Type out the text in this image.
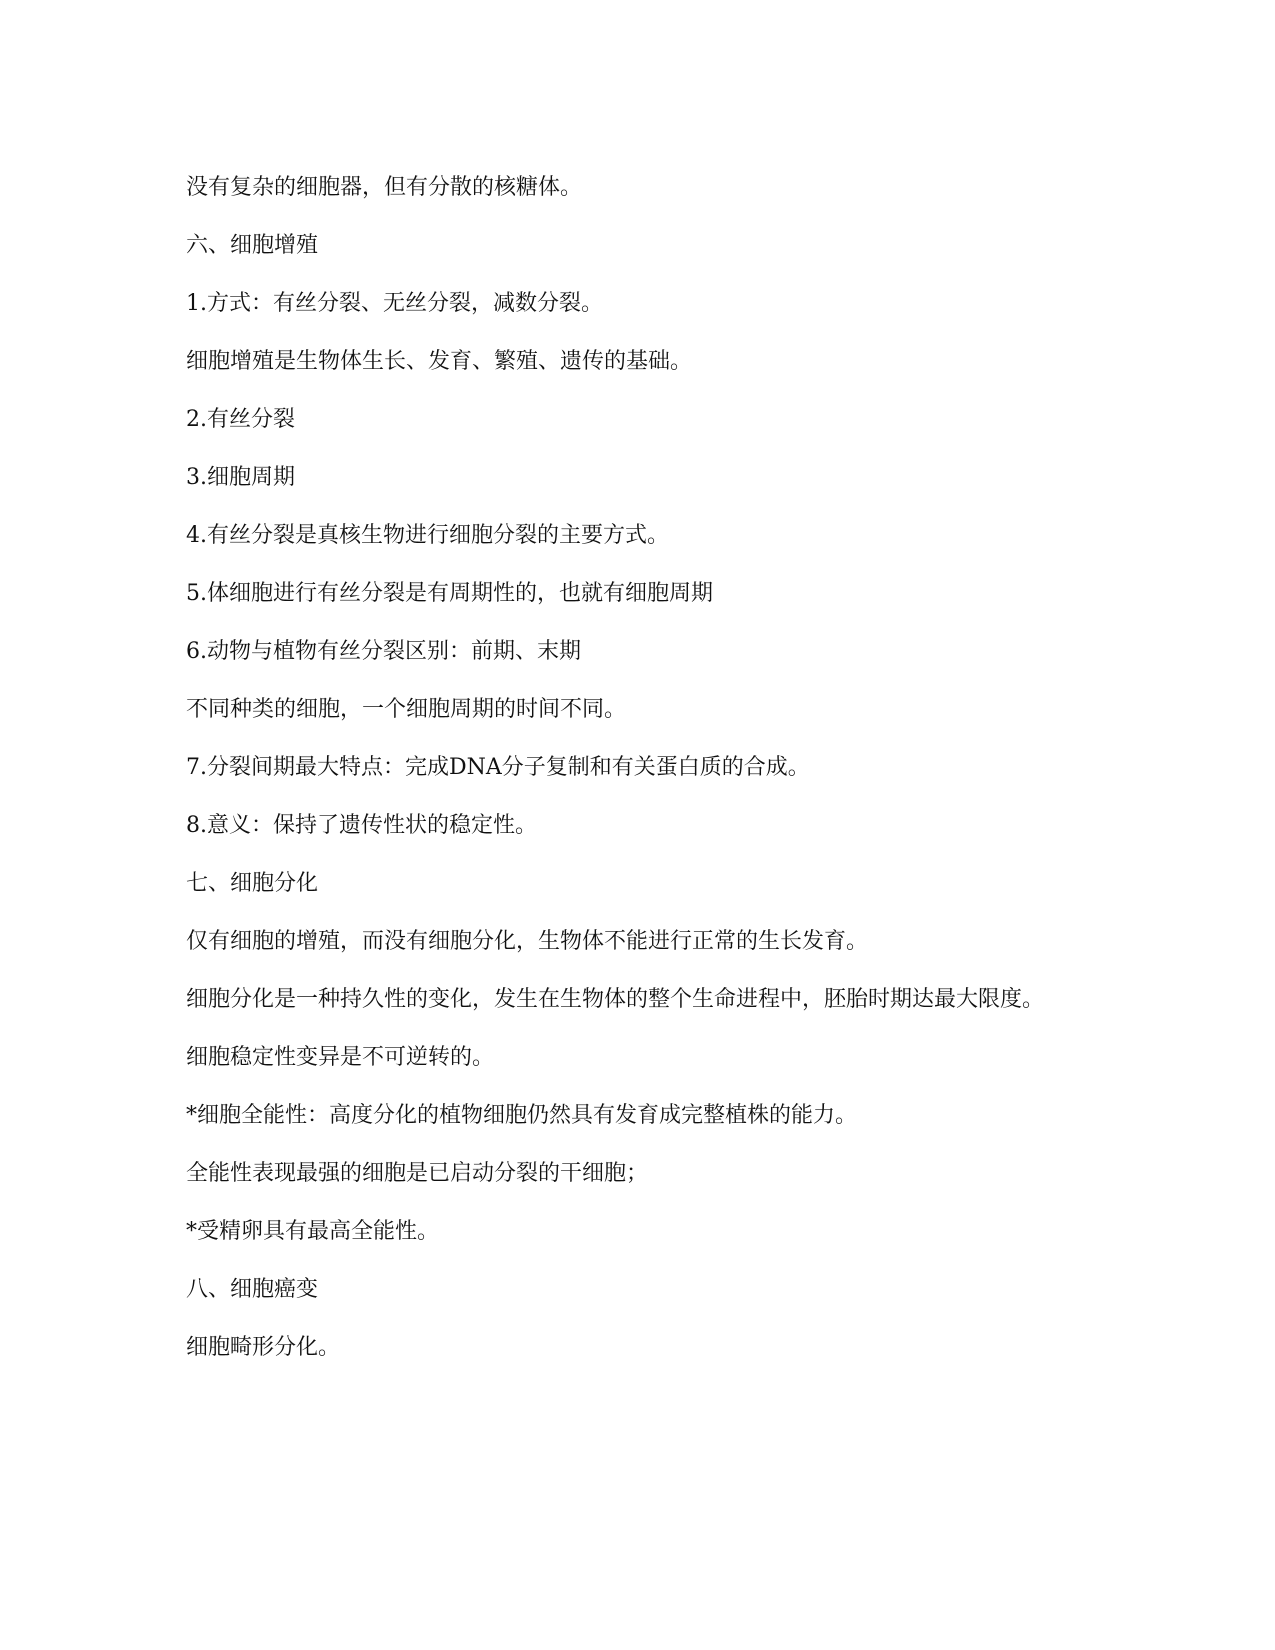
没有复杂的细胞器，但有分散的核糖体。

六、细胞增殖

1.方式：有丝分裂、无丝分裂，减数分裂。

细胞增殖是生物体生长、发育、繁殖、遗传的基础。

2.有丝分裂

3.细胞周期

4.有丝分裂是真核生物进行细胞分裂的主要方式。

5.体细胞进行有丝分裂是有周期性的，也就有细胞周期

6.动物与植物有丝分裂区别：前期、末期

不同种类的细胞，一个细胞周期的时间不同。

7.分裂间期最大特点：完成DNA分子复制和有关蛋白质的合成。

8.意义：保持了遗传性状的稳定性。

七、细胞分化

仅有细胞的增殖，而没有细胞分化，生物体不能进行正常的生长发育。

细胞分化是一种持久性的变化，发生在生物体的整个生命进程中，胚胎时期达最大限度。

细胞稳定性变异是不可逆转的。

*细胞全能性：高度分化的植物细胞仍然具有发育成完整植株的能力。

全能性表现最强的细胞是已启动分裂的干细胞；

*受精卵具有最高全能性。

八、细胞癌变

细胞畸形分化。
